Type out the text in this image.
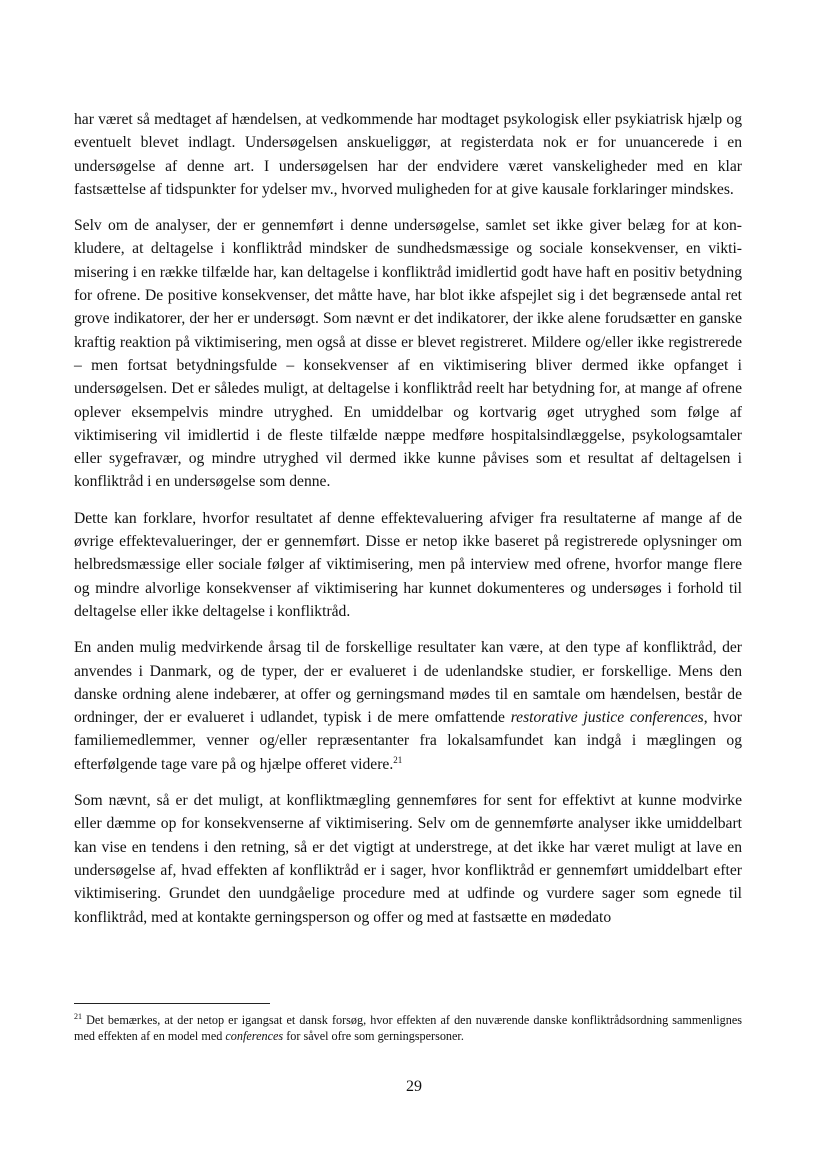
har været så medtaget af hændelsen, at vedkommende har modtaget psykologisk eller psykiatrisk hjælp og eventuelt blevet indlagt. Undersøgelsen anskueliggør, at registerdata nok er for unuancerede i en undersøgelse af denne art. I undersøgelsen har der endvidere været vanskeligheder med en klar fastsættelse af tidspunkter for ydelser mv., hvorved muligheden for at give kausale forklaringer mindskes.

Selv om de analyser, der er gennemført i denne undersøgelse, samlet set ikke giver belæg for at konkludere, at deltagelse i konfliktråd mindsker de sundhedsmæssige og sociale konsekvenser, en viktimisering i en række tilfælde har, kan deltagelse i konfliktråd imidlertid godt have haft en positiv betydning for ofrene. De positive konsekvenser, det måtte have, har blot ikke afspejlet sig i det begrænsede antal ret grove indikatorer, der her er undersøgt. Som nævnt er det indikatorer, der ikke alene forudsætter en ganske kraftig reaktion på viktimisering, men også at disse er blevet registreret. Mildere og/eller ikke registrerede – men fortsat betydningsfulde – konsekvenser af en viktimisering bliver dermed ikke opfanget i undersøgelsen. Det er således muligt, at deltagelse i konfliktråd reelt har betydning for, at mange af ofrene oplever eksempelvis mindre utryghed. En umiddelbar og kortvarig øget utryghed som følge af viktimisering vil imidlertid i de fleste tilfælde næppe medføre hospitalsindlæggelse, psykologsamtaler eller sygefravær, og mindre utryghed vil dermed ikke kunne påvises som et resultat af deltagelsen i konfliktråd i en undersøgelse som denne.

Dette kan forklare, hvorfor resultatet af denne effektevaluering afviger fra resultaterne af mange af de øvrige effektevalueringer, der er gennemført. Disse er netop ikke baseret på registrerede oplysninger om helbredsmæssige eller sociale følger af viktimisering, men på interview med ofrene, hvorfor mange flere og mindre alvorlige konsekvenser af viktimisering har kunnet dokumenteres og undersøges i forhold til deltagelse eller ikke deltagelse i konfliktråd.

En anden mulig medvirkende årsag til de forskellige resultater kan være, at den type af konfliktråd, der anvendes i Danmark, og de typer, der er evalueret i de udenlandske studier, er forskellige. Mens den danske ordning alene indebærer, at offer og gerningsmand mødes til en samtale om hændelsen, består de ordninger, der er evalueret i udlandet, typisk i de mere omfattende restorative justice conferences, hvor familiemedlemmer, venner og/eller repræsentanter fra lokalsamfundet kan indgå i mæglingen og efterfølgende tage vare på og hjælpe offeret videre.$^{21}$

Som nævnt, så er det muligt, at konfliktmægling gennemføres for sent for effektivt at kunne modvirke eller dæmme op for konsekvenserne af viktimisering. Selv om de gennemførte analyser ikke umiddelbart kan vise en tendens i den retning, så er det vigtigt at understrege, at det ikke har været muligt at lave en undersøgelse af, hvad effekten af konfliktråd er i sager, hvor konfliktråd er gennemført umiddelbart efter viktimisering. Grundet den uundgåelige procedure med at udfinde og vurdere sager som egnede til konfliktråd, med at kontakte gerningsperson og offer og med at fastsætte en mødedato

$^{21}$ Det bemærkes, at der netop er igangsat et dansk forsøg, hvor effekten af den nuværende danske konfliktrådsordning sammenlignes med effekten af en model med conferences for såvel ofre som gerningspersoner.
29
